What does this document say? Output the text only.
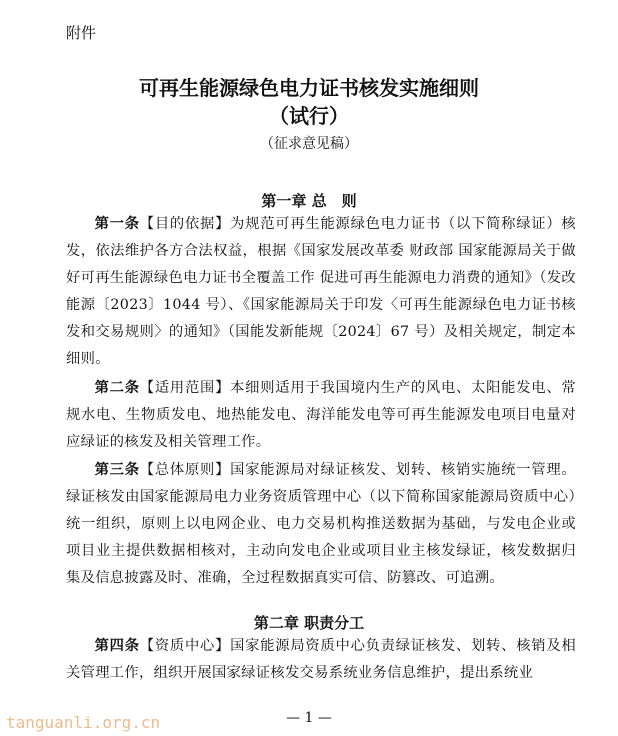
附件
可再生能源绿色电力证书核发实施细则
（试行）
（征求意见稿）
第一章 总　则
第一条【目的依据】为规范可再生能源绿色电力证书（以下简称绿证）核发，依法维护各方合法权益，根据《国家发展改革委 财政部 国家能源局关于做好可再生能源绿色电力证书全覆盖工作 促进可再生能源电力消费的通知》（发改能源〔2023〕1044 号）、《国家能源局关于印发〈可再生能源绿色电力证书核发和交易规则〉的通知》（国能发新能规〔2024〕67 号）及相关规定，制定本细则。
第二条【适用范围】本细则适用于我国境内生产的风电、太阳能发电、常规水电、生物质发电、地热能发电、海洋能发电等可再生能源发电项目电量对应绿证的核发及相关管理工作。
第三条【总体原则】国家能源局对绿证核发、划转、核销实施统一管理。绿证核发由国家能源局电力业务资质管理中心（以下简称国家能源局资质中心）统一组织，原则上以电网企业、电力交易机构推送数据为基础，与发电企业或项目业主提供数据相核对，主动向发电企业或项目业主核发绿证，核发数据归集及信息披露及时、准确，全过程数据真实可信、防篡改、可追溯。
第二章 职责分工
第四条【资质中心】国家能源局资质中心负责绿证核发、划转、核销及相关管理工作，组织开展国家绿证核发交易系统业务信息维护，提出系统业
— 1 —
tanguanli.org.cn
